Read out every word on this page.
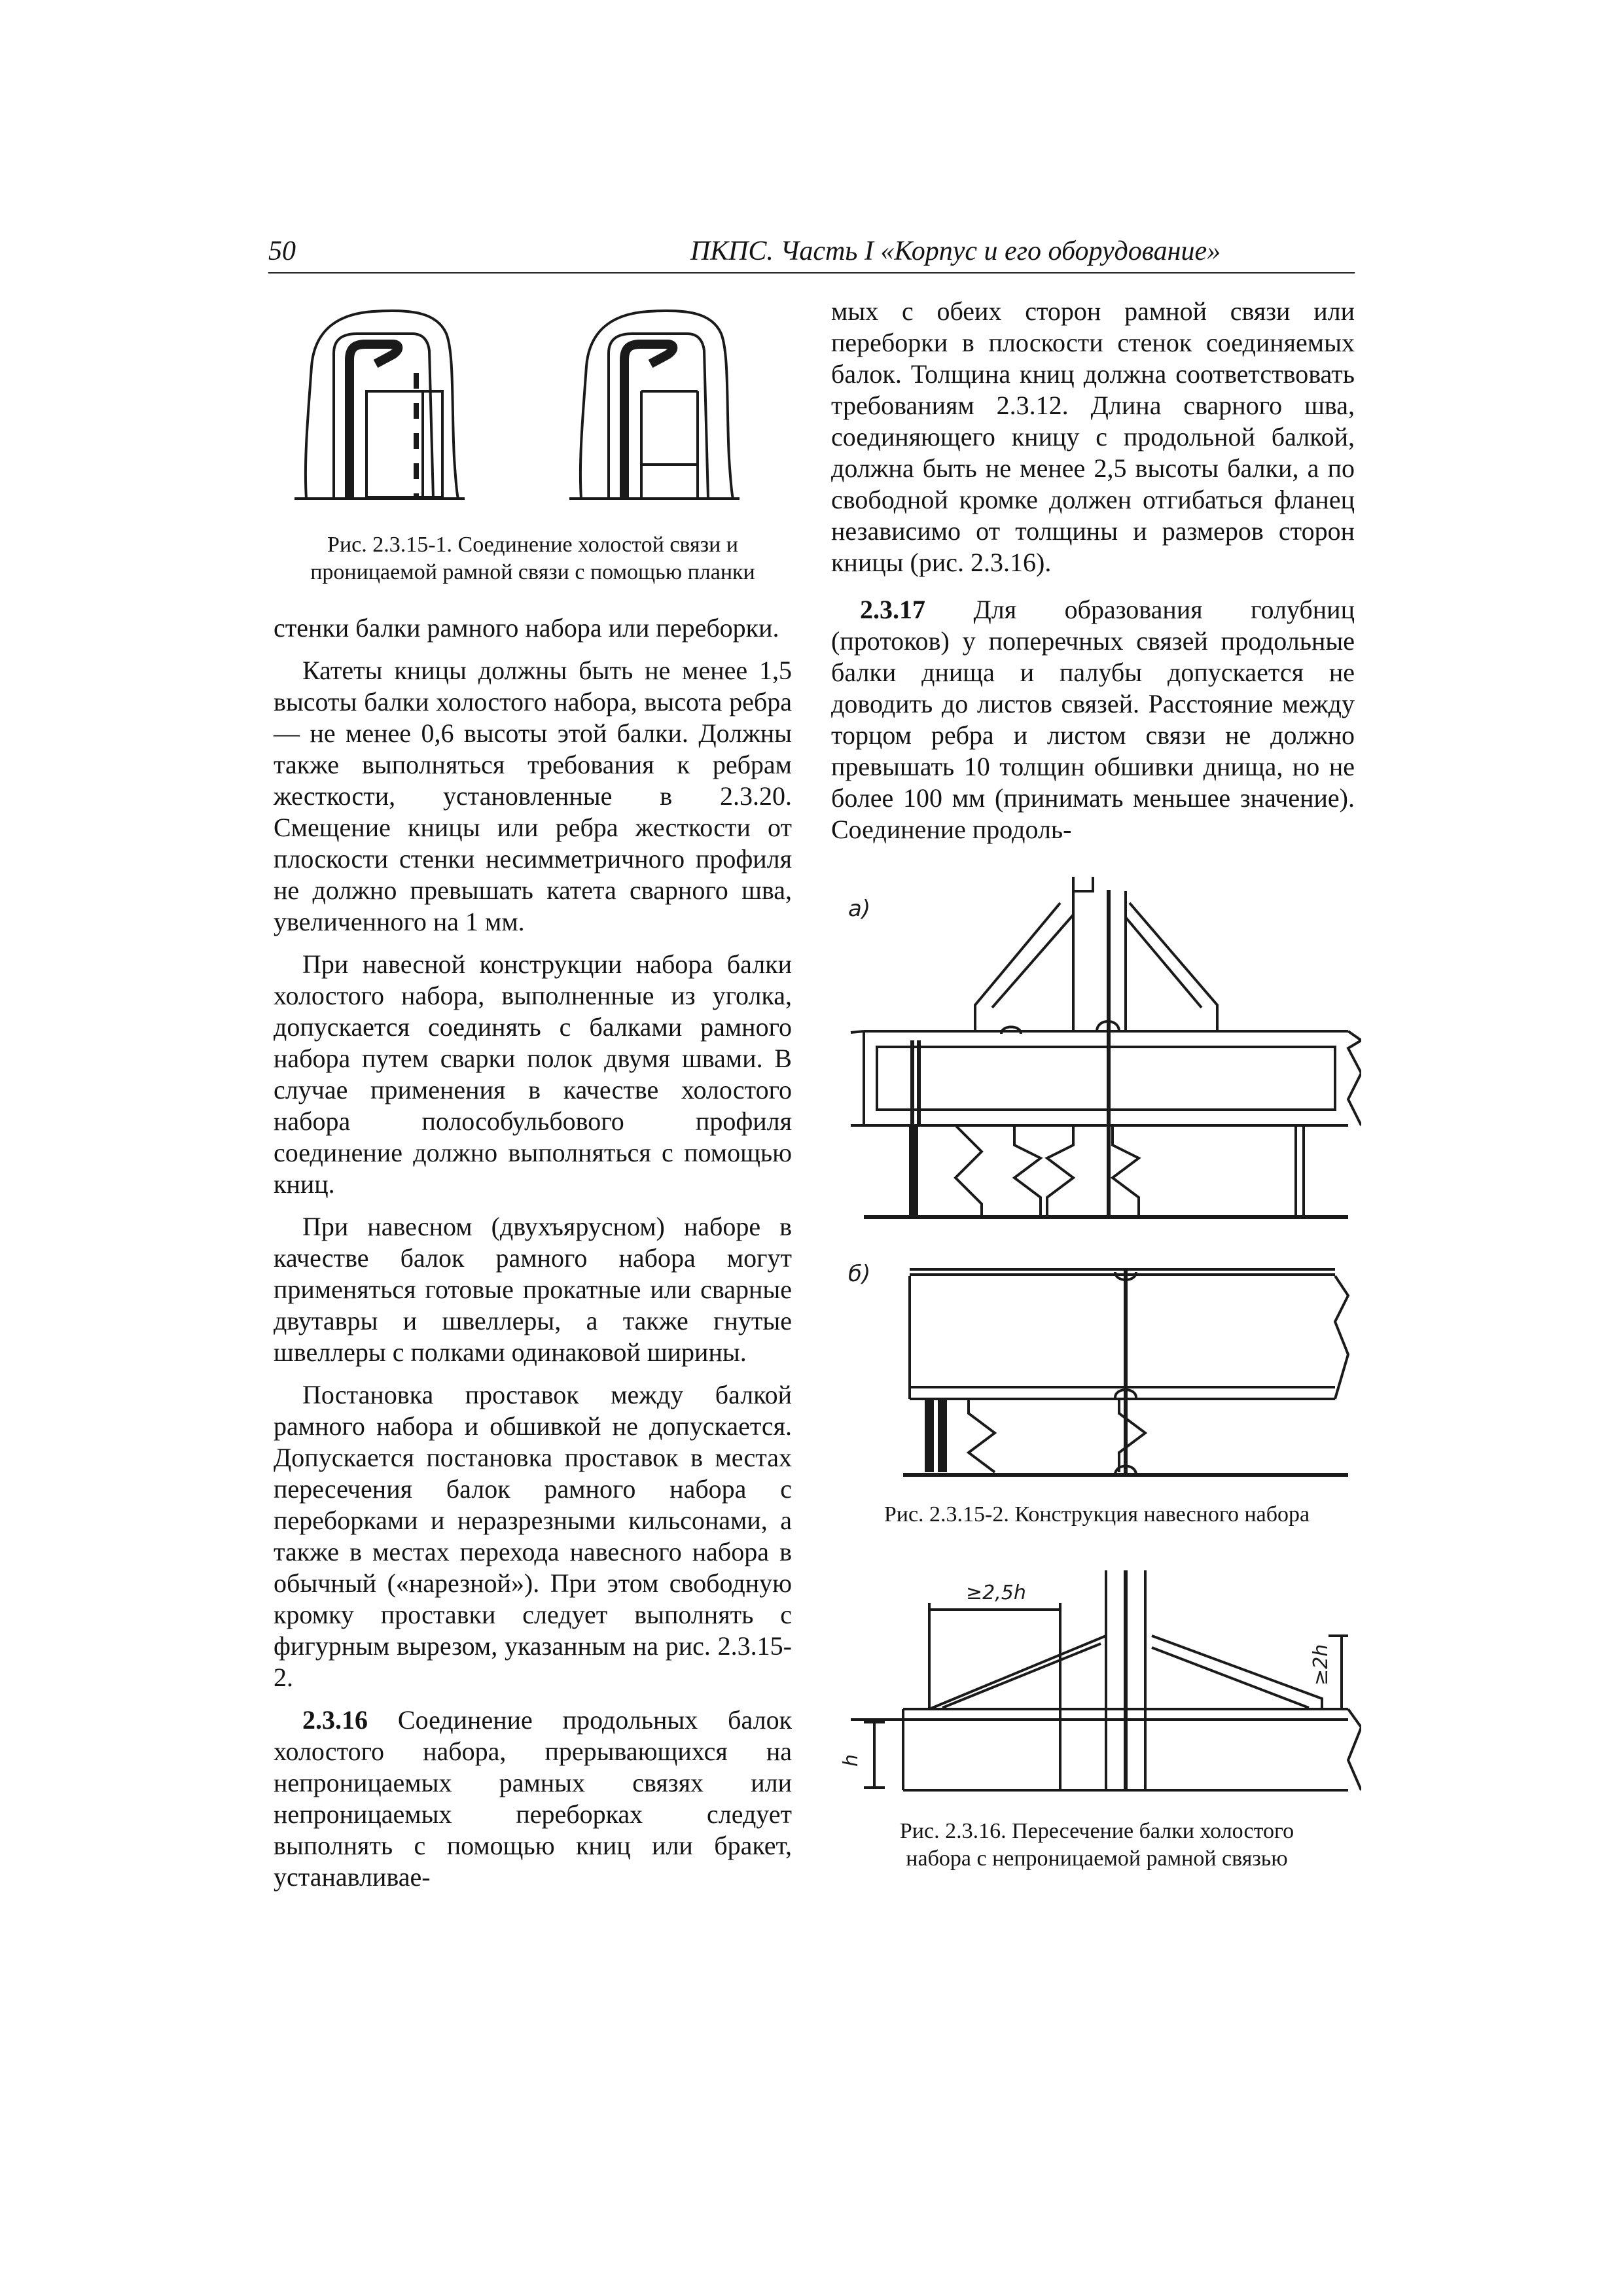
50	ПКПС. Часть I «Корпус и его оборудование»
Рис. 2.3.15-1. Соединение холостой связи и
проницаемой рамной связи с помощью планки

стенки балки рамного набора или переборки.

Катеты кницы должны быть не менее 1,5 высоты балки холостого набора, высота ребра — не менее 0,6 высоты этой балки. Должны также выполняться требования к ребрам жесткости, установленные в 2.3.20. Смещение кницы или ребра жесткости от плоскости стенки несимметричного профиля не должно превышать катета сварного шва, увеличенного на 1 мм.

При навесной конструкции набора балки холостого набора, выполненные из уголка, допускается соединять с балками рамного набора путем сварки полок двумя швами. В случае применения в качестве холостого набора полособульбового профиля соединение должно выполняться с помощью книц.

При навесном (двухъярусном) наборе в качестве балок рамного набора могут применяться готовые прокатные или сварные двутавры и швеллеры, а также гнутые швеллеры с полками одинаковой ширины.

Постановка проставок между балкой рамного набора и обшивкой не допускается. Допускается постановка проставок в местах пересечения балок рамного набора с переборками и неразрезными кильсонами, а также в местах перехода навесного набора в обычный («нарезной»). При этом свободную кромку проставки следует выполнять с фигурным вырезом, указанным на рис. 2.3.15-2.

2.3.16 Соединение продольных балок холостого набора, прерывающихся на непроницаемых рамных связях или непроницаемых переборках следует выполнять с помощью книц или бракет, устанавливае-

мых с обеих сторон рамной связи или переборки в плоскости стенок соединяемых балок. Толщина книц должна соответствовать требованиям 2.3.12. Длина сварного шва, соединяющего кницу с продольной балкой, должна быть не менее 2,5 высоты балки, а по свободной кромке должен отгибаться фланец независимо от толщины и размеров сторон кницы (рис. 2.3.16).

2.3.17 Для образования голубниц (протоков) у поперечных связей продольные балки днища и палубы допускается не доводить до листов связей. Расстояние между торцом ребра и листом связи не должно превышать 10 толщин обшивки днища, но не более 100 мм (принимать меньшее значение). Соединение продоль-

а)
б)
Рис. 2.3.15-2. Конструкция навесного набора
h
≥2,5h
≥2h
Рис. 2.3.16. Пересечение балки холостого
набора с непроницаемой рамной связью
